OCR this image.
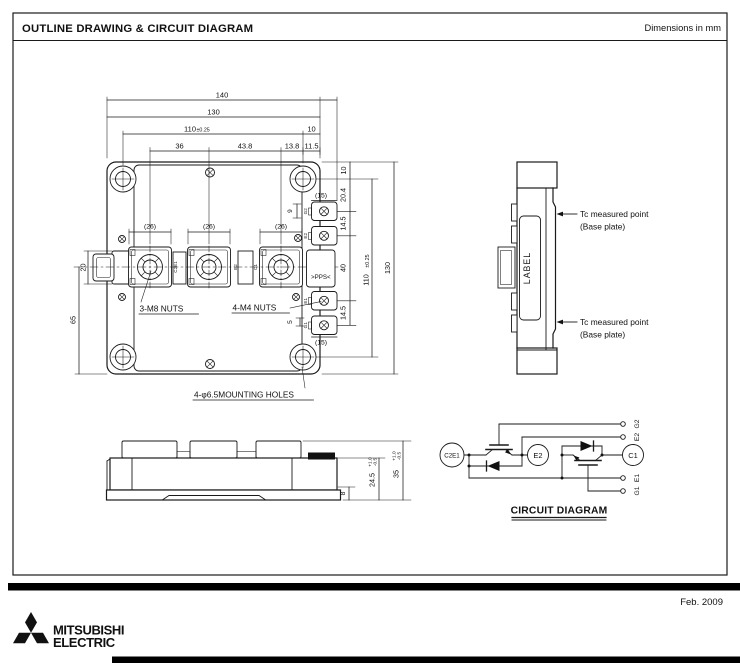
OUTLINE DRAWING & CIRCUIT DIAGRAM	Dimensions in mm
>PPS<
C2E1	E2	C1
G2
E2
E1
G1
140
130
110 ±0.25	10
36	43.8	13.8 11.5
(26)	(26)	(26)
10
20.4
14.5
40
14.5
110
±0.25
130
9
5
(15)
(15)
20
65
3-M8 NUTS	4-M4 NUTS
4-φ6.5MOUNTING HOLES
LABEL
Tc measured point
(Base plate)
Tc measured point
(Base plate)
8
24.5
+1.0 -0.5
35
+1.0 -0.5	C2E1	E2	C1
G2
E2
E1
G1
CIRCUIT DIAGRAM
Feb. 2009
MITSUBISHI
ELECTRIC
